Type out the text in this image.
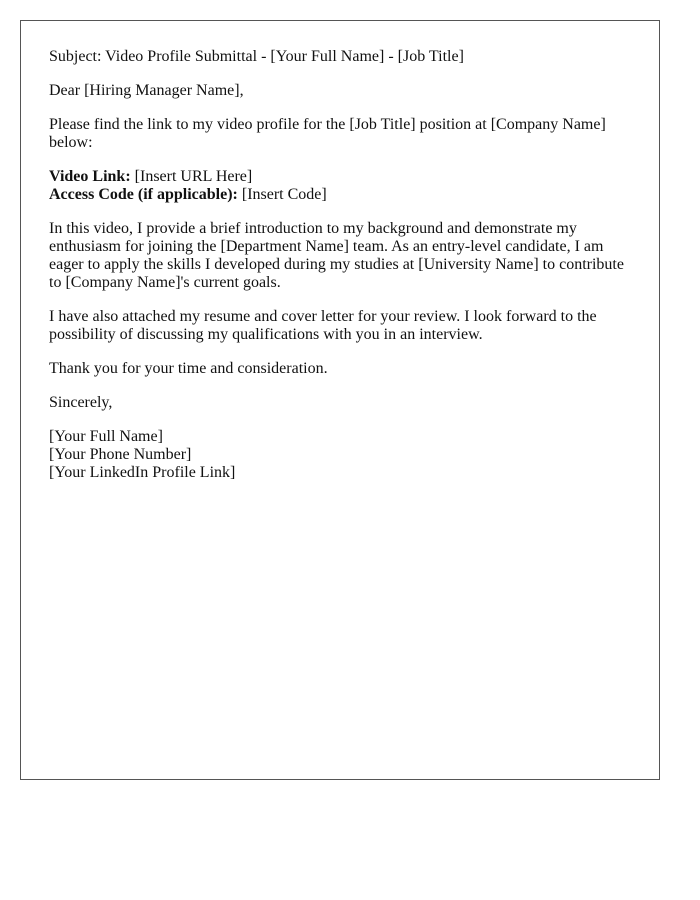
Subject: Video Profile Submittal - [Your Full Name] - [Job Title]

Dear [Hiring Manager Name],

Please find the link to my video profile for the [Job Title] position at [Company Name] below:

Video Link: [Insert URL Here]
Access Code (if applicable): [Insert Code]

In this video, I provide a brief introduction to my background and demonstrate my enthusiasm for joining the [Department Name] team. As an entry-level candidate, I am eager to apply the skills I developed during my studies at [University Name] to contribute to [Company Name]'s current goals.

I have also attached my resume and cover letter for your review. I look forward to the possibility of discussing my qualifications with you in an interview.

Thank you for your time and consideration.

Sincerely,

[Your Full Name]
[Your Phone Number]
[Your LinkedIn Profile Link]
